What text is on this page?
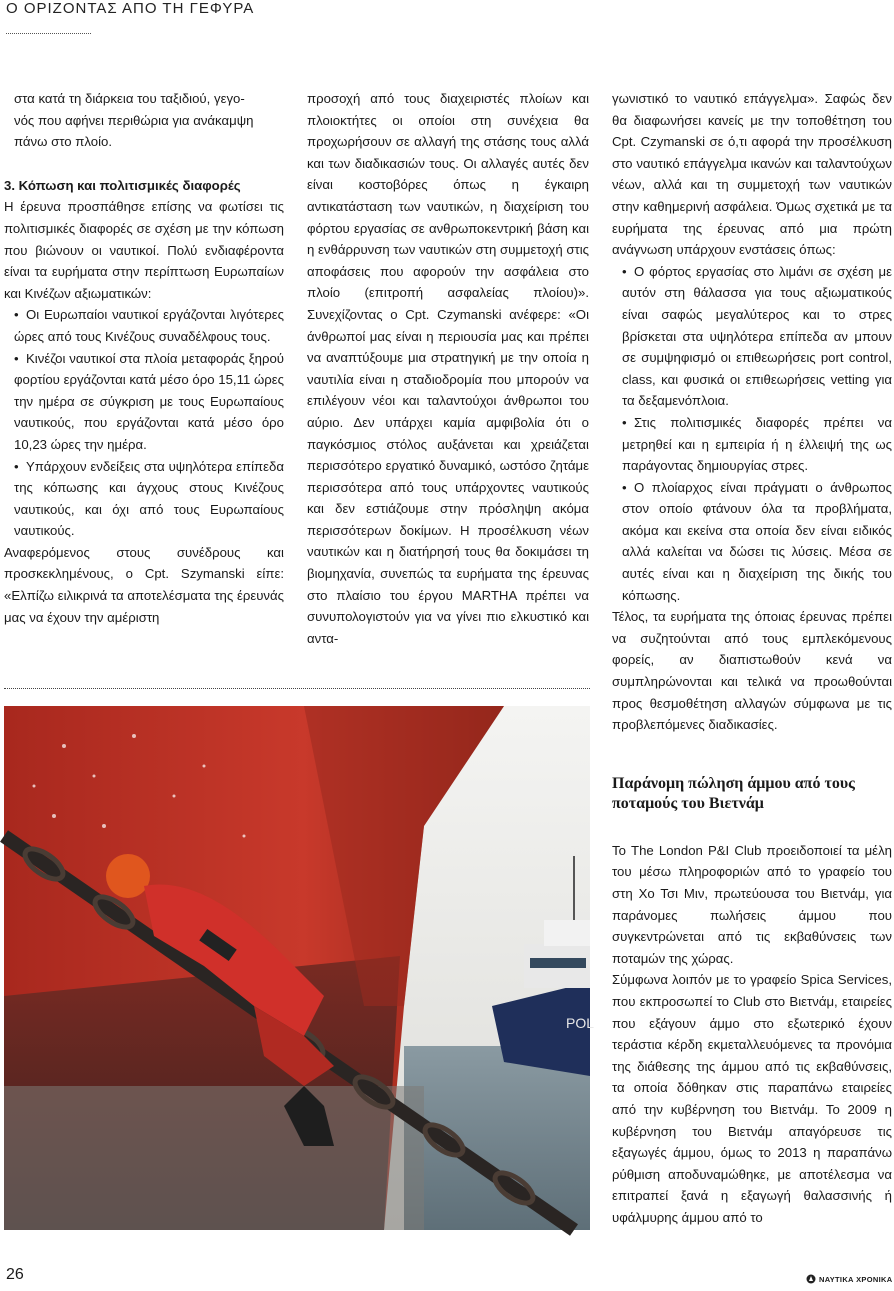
Ο ΟΡΙΖΟΝΤΑΣ ΑΠΟ ΤΗ ΓΕΦΥΡΑ

στα κατά τη διάρκεια του ταξιδιού, γεγο-

νός που αφήνει περιθώρια για ανάκαμψη

πάνω στο πλοίο.

3. Κόπωση και πολιτισμικές διαφορές

Η έρευνα προσπάθησε επίσης να φωτίσει τις πολιτισμικές διαφορές σε σχέση με την κόπωση που βιώνουν οι ναυτικοί. Πολύ ενδιαφέροντα είναι τα ευρήματα στην περίπτωση Ευρωπαίων και Κινέζων αξιωματικών:

• Οι Ευρωπαίοι ναυτικοί εργάζονται λιγότερες ώρες από τους Κινέζους συναδέλφους τους.

• Κινέζοι ναυτικοί στα πλοία μεταφοράς ξηρού φορτίου εργάζονται κατά μέσο όρο 15,11 ώρες την ημέρα σε σύγκριση με τους Ευρωπαίους ναυτικούς, που εργάζονται κατά μέσο όρο 10,23 ώρες την ημέρα.

• Υπάρχουν ενδείξεις στα υψηλότερα επίπεδα της κόπωσης και άγχους στους Κινέζους ναυτικούς, και όχι από τους Ευρωπαίους ναυτικούς.

Αναφερόμενος στους συνέδρους και προσκεκλημένους, ο Cpt. Szymanski είπε: «Ελπίζω ειλικρινά τα αποτελέσματα της έρευνάς μας να έχουν την αμέριστη

προσοχή από τους διαχειριστές πλοίων και πλοιοκτήτες οι οποίοι στη συνέχεια θα προχωρήσουν σε αλλαγή της στάσης τους αλλά και των διαδικασιών τους. Οι αλλαγές αυτές δεν είναι κοστοβόρες όπως η έγκαιρη αντικατάσταση των ναυτικών, η διαχείριση του φόρτου εργασίας σε ανθρωποκεντρική βάση και η ενθάρρυνση των ναυτικών στη συμμετοχή στις αποφάσεις που αφορούν την ασφάλεια στο πλοίο (επιτροπή ασφαλείας πλοίου)». Συνεχίζοντας ο Cpt. Czymanski ανέφερε: «Οι άνθρωποί μας είναι η περιουσία μας και πρέπει να αναπτύξουμε μια στρατηγική με την οποία η ναυτιλία είναι η σταδιοδρομία που μπορούν να επιλέγουν νέοι και ταλαντούχοι άνθρωποι του αύριο. Δεν υπάρχει καμία αμφιβολία ότι ο παγκόσμιος στόλος αυξάνεται και χρειάζεται περισσότερο εργατικό δυναμικό, ωστόσο ζητάμε περισσότερα από τους υπάρχοντες ναυτικούς και δεν εστιάζουμε στην πρόσληψη ακόμα περισσότερων δοκίμων. Η προσέλκυση νέων ναυτικών και η διατήρησή τους θα δοκιμάσει τη βιομηχανία, συνεπώς τα ευρήματα της έρευνας στο πλαίσιο του έργου MARTHA πρέπει να συνυπολογιστούν για να γίνει πιο ελκυστικό και αντα-

γωνιστικό το ναυτικό επάγγελμα». Σαφώς δεν θα διαφωνήσει κανείς με την τοποθέτηση του Cpt. Czymanski σε ό,τι αφορά την προσέλκυση στο ναυτικό επάγγελμα ικανών και ταλαντούχων νέων, αλλά και τη συμμετοχή των ναυτικών στην καθημερινή ασφάλεια. Όμως σχετικά με τα ευρήματα της έρευνας από μια πρώτη ανάγνωση υπάρχουν ενστάσεις όπως:

• Ο φόρτος εργασίας στο λιμάνι σε σχέση με αυτόν στη θάλασσα για τους αξιωματικούς είναι σαφώς μεγαλύτερος και το στρες βρίσκεται στα υψηλότερα επίπεδα αν μπουν σε συμψηφισμό οι επιθεωρήσεις port control, class, και φυσικά οι επιθεωρήσεις vetting για τα δεξαμενόπλοια.

• Στις πολιτισμικές διαφορές πρέπει να μετρηθεί και η εμπειρία ή η έλλειψή της ως παράγοντας δημιουργίας στρες.

• Ο πλοίαρχος είναι πράγματι ο άνθρωπος στον οποίο φτάνουν όλα τα προβλήματα, ακόμα και εκείνα στα οποία δεν είναι ειδικός αλλά καλείται να δώσει τις λύσεις. Μέσα σε αυτές είναι και η διαχείριση της δικής του κόπωσης.

Τέλος, τα ευρήματα της όποιας έρευνας πρέπει να συζητούνται από τους εμπλεκόμενους φορείς, αν διαπιστωθούν κενά να συμπληρώνονται και τελικά να προωθούνται προς θεσμοθέτηση αλλαγών σύμφωνα με τις προβλεπόμενες διαδικασίες.

Παράνομη πώληση άμμου από τους ποταμούς του Βιετνάμ

Το The London P&I Club προειδοποιεί τα μέλη του μέσω πληροφοριών από το γραφείο του στη Χο Τσι Μιν, πρωτεύουσα του Βιετνάμ, για παράνομες πωλήσεις άμμου που συγκεντρώνεται από τις εκβαθύνσεις των ποταμών της χώρας.

Σύμφωνα λοιπόν με το γραφείο Spica Services, που εκπροσωπεί το Club στο Βιετνάμ, εταιρείες που εξάγουν άμμο στο εξωτερικό έχουν τεράστια κέρδη εκμεταλλευόμενες τα προνόμια της διάθεσης της άμμου από τις εκβαθύνσεις, τα οποία δόθηκαν στις παραπάνω εταιρείες από την κυβέρνηση του Βιετνάμ. Το 2009 η κυβέρνηση του Βιετνάμ απαγόρευσε τις εξαγωγές άμμου, όμως το 2013 η παραπάνω ρύθμιση αποδυναμώθηκε, με αποτέλεσμα να επιτραπεί ξανά η εξαγωγή θαλασσινής ή υφάλμυρης άμμου από το

POL
26	ΝΑΥΤΙΚΑ ΧΡΟΝΙΚΑ
